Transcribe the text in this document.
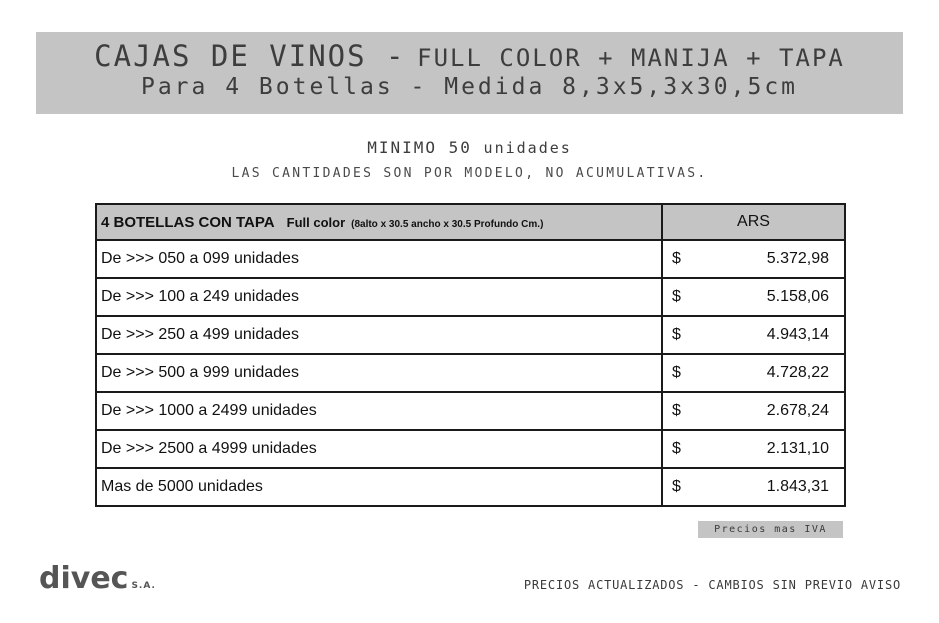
CAJAS DE VINOS - FULL COLOR + MANIJA + TAPA
Para 4 Botellas - Medida 8,3x5,3x30,5cm
MINIMO 50 unidades
LAS CANTIDADES SON POR MODELO, NO ACUMULATIVAS.
4 BOTELLAS CON TAPA Full color (8alto x 30.5 ancho x 30.5 Profundo Cm.)	ARS
De >>> 050 a 099 unidades	$ 5.372,98

De >>> 100 a 249 unidades	$ 5.158,06

De >>> 250 a 499 unidades	$ 4.943,14

De >>> 500 a 999 unidades	$ 4.728,22

De >>> 1000 a 2499 unidades	$ 2.678,24

De >>> 2500 a 4999 unidades	$ 2.131,10

Mas de 5000 unidades	$ 1.843,31
Precios mas IVA
divec S.A.	PRECIOS ACTUALIZADOS - CAMBIOS SIN PREVIO AVISO
